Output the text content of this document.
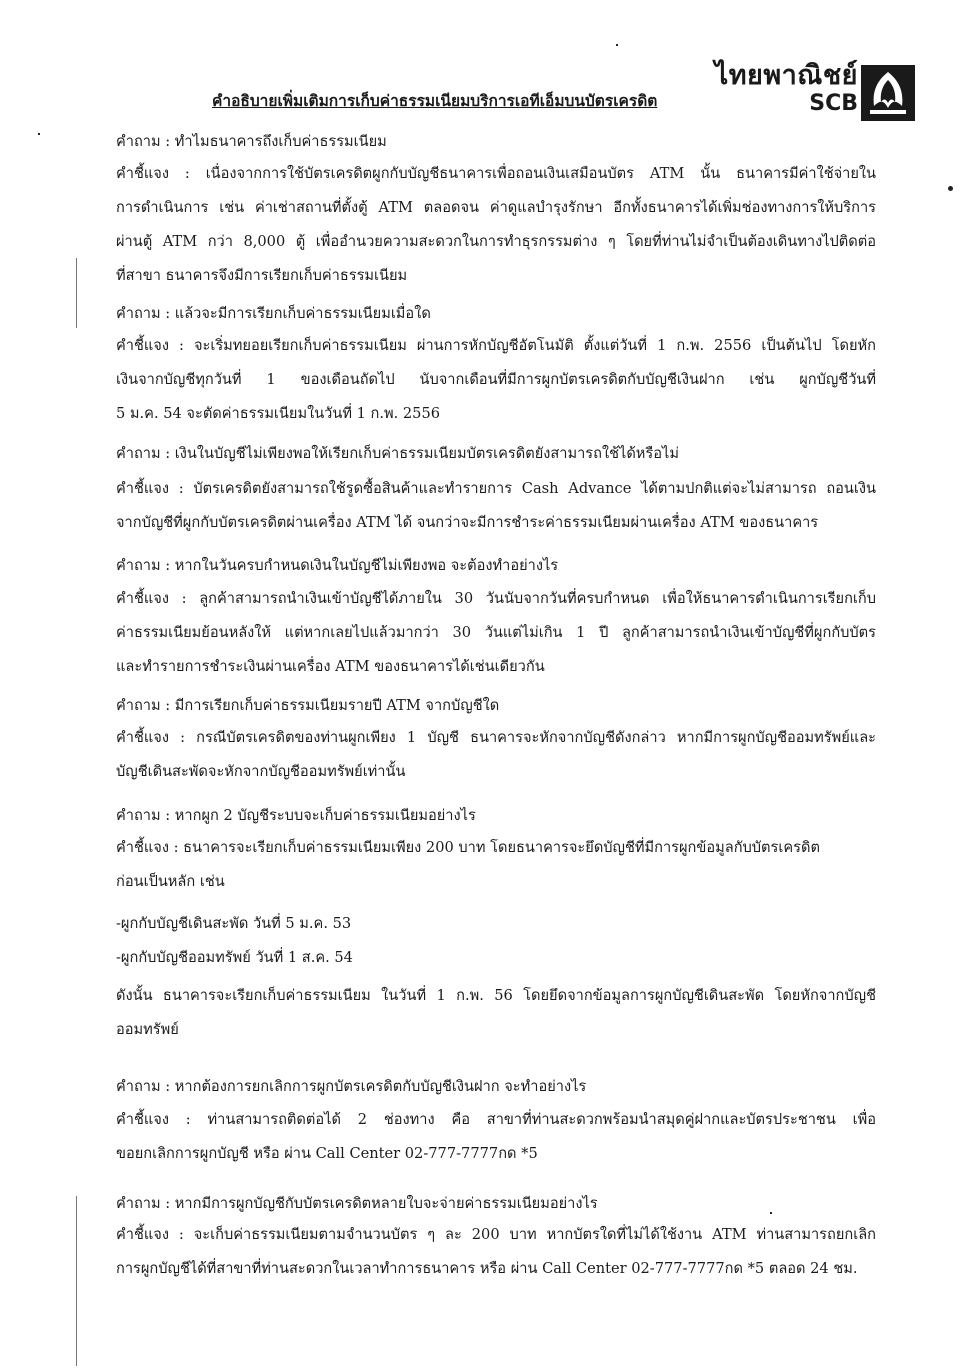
คำอธิบายเพิ่มเติมการเก็บค่าธรรมเนียมบริการเอทีเอ็มบนบัตรเครดิต
ไทยพาณิชย์
SCB
คำถาม : ทำไมธนาคารถึงเก็บค่าธรรมเนียม
คำชี้แจง : เนื่องจากการใช้บัตรเครดิตผูกกับบัญชีธนาคารเพื่อถอนเงินเสมือนบัตร ATM นั้น ธนาคารมีค่าใช้จ่ายใน
การดำเนินการ เช่น ค่าเช่าสถานที่ตั้งตู้ ATM ตลอดจน ค่าดูแลบำรุงรักษา อีกทั้งธนาคารได้เพิ่มช่องทางการให้บริการ
ผ่านตู้ ATM กว่า 8,000 ตู้ เพื่ออำนวยความสะดวกในการทำธุรกรรมต่าง ๆ โดยที่ท่านไม่จำเป็นต้องเดินทางไปติดต่อ
ที่สาขา ธนาคารจึงมีการเรียกเก็บค่าธรรมเนียม
คำถาม : แล้วจะมีการเรียกเก็บค่าธรรมเนียมเมื่อใด
คำชี้แจง : จะเริ่มทยอยเรียกเก็บค่าธรรมเนียม ผ่านการหักบัญชีอัตโนมัติ ตั้งแต่วันที่ 1 ก.พ. 2556 เป็นต้นไป โดยหัก
เงินจากบัญชีทุกวันที่ 1 ของเดือนถัดไป นับจากเดือนที่มีการผูกบัตรเครดิตกับบัญชีเงินฝาก เช่น ผูกบัญชีวันที่
5 ม.ค. 54 จะตัดค่าธรรมเนียมในวันที่ 1 ก.พ. 2556
คำถาม : เงินในบัญชีไม่เพียงพอให้เรียกเก็บค่าธรรมเนียมบัตรเครดิตยังสามารถใช้ได้หรือไม่
คำชี้แจง : บัตรเครดิตยังสามารถใช้รูดซื้อสินค้าและทำรายการ Cash Advance ได้ตามปกติแต่จะไม่สามารถ ถอนเงิน
จากบัญชีที่ผูกกับบัตรเครดิตผ่านเครื่อง ATM ได้ จนกว่าจะมีการชำระค่าธรรมเนียมผ่านเครื่อง ATM ของธนาคาร
คำถาม : หากในวันครบกำหนดเงินในบัญชีไม่เพียงพอ จะต้องทำอย่างไร
คำชี้แจง : ลูกค้าสามารถนำเงินเข้าบัญชีได้ภายใน 30 วันนับจากวันที่ครบกำหนด เพื่อให้ธนาคารดำเนินการเรียกเก็บ
ค่าธรรมเนียมย้อนหลังให้ แต่หากเลยไปแล้วมากว่า 30 วันแต่ไม่เกิน 1 ปี ลูกค้าสามารถนำเงินเข้าบัญชีที่ผูกกับบัตร
และทำรายการชำระเงินผ่านเครื่อง ATM ของธนาคารได้เช่นเดียวกัน
คำถาม : มีการเรียกเก็บค่าธรรมเนียมรายปี ATM จากบัญชีใด
คำชี้แจง : กรณีบัตรเครดิตของท่านผูกเพียง 1 บัญชี ธนาคารจะหักจากบัญชีดังกล่าว หากมีการผูกบัญชีออมทรัพย์และ
บัญชีเดินสะพัดจะหักจากบัญชีออมทรัพย์เท่านั้น
คำถาม : หากผูก 2 บัญชีระบบจะเก็บค่าธรรมเนียมอย่างไร
คำชี้แจง : ธนาคารจะเรียกเก็บค่าธรรมเนียมเพียง 200 บาท โดยธนาคารจะยึดบัญชีที่มีการผูกข้อมูลกับบัตรเครดิต
ก่อนเป็นหลัก เช่น
-ผูกกับบัญชีเดินสะพัด วันที่ 5 ม.ค. 53
-ผูกกับบัญชีออมทรัพย์ วันที่ 1 ส.ค. 54
ดังนั้น ธนาคารจะเรียกเก็บค่าธรรมเนียม ในวันที่ 1 ก.พ. 56 โดยยึดจากข้อมูลการผูกบัญชีเดินสะพัด โดยหักจากบัญชี
ออมทรัพย์
คำถาม : หากต้องการยกเลิกการผูกบัตรเครดิตกับบัญชีเงินฝาก จะทำอย่างไร
คำชี้แจง : ท่านสามารถติดต่อได้ 2 ช่องทาง คือ สาขาที่ท่านสะดวกพร้อมนำสมุดคู่ฝากและบัตรประชาชน เพื่อ
ขอยกเลิกการผูกบัญชี หรือ ผ่าน Call Center 02-777-7777กด *5
คำถาม : หากมีการผูกบัญชีกับบัตรเครดิตหลายใบจะจ่ายค่าธรรมเนียมอย่างไร
คำชี้แจง : จะเก็บค่าธรรมเนียมตามจำนวนบัตร ๆ ละ 200 บาท หากบัตรใดที่ไม่ได้ใช้งาน ATM ท่านสามารถยกเลิก
การผูกบัญชีได้ที่สาขาที่ท่านสะดวกในเวลาทำการธนาคาร หรือ ผ่าน Call Center 02-777-7777กด *5 ตลอด 24 ชม.
